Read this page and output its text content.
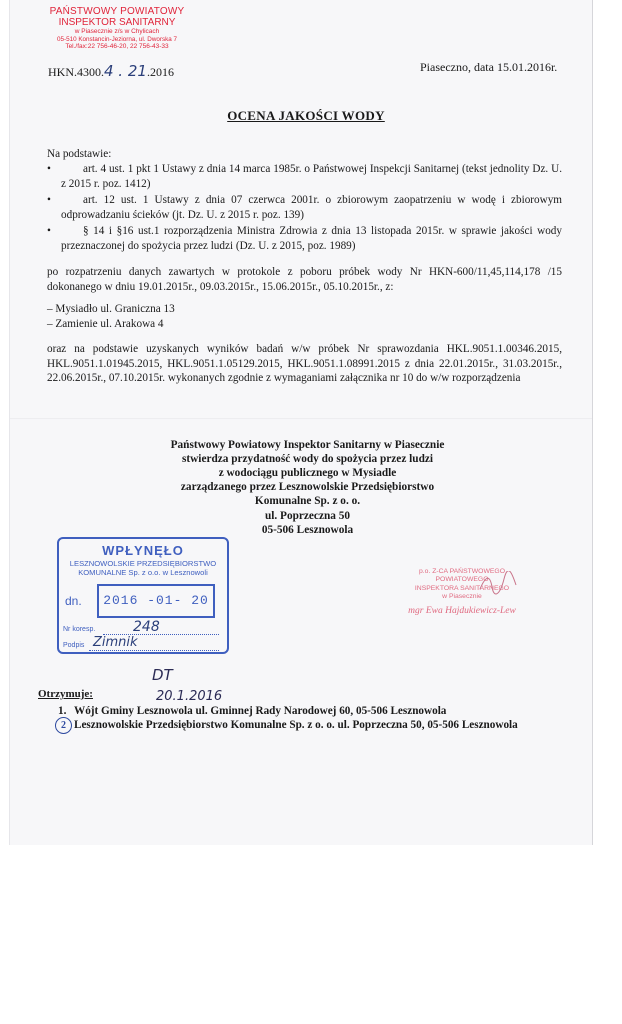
PAŃSTWOWY POWIATOWY
INSPEKTOR SANITARNY
w Piasecznie z/s w Chylicach
05-510 Konstancin-Jeziorna, ul. Dworska 7
Tel./fax:22 756-46-20, 22 756-43-33
HKN.4300.4 . 21.2016	Piaseczno, data 15.01.2016r.
OCENA JAKOŚCI WODY
Na podstawie:
• art. 4 ust. 1 pkt 1 Ustawy z dnia 14 marca 1985r. o Państwowej Inspekcji Sanitarnej (tekst jednolity Dz. U. z 2015 r. poz. 1412)
• art. 12 ust. 1 Ustawy z dnia 07 czerwca 2001r. o zbiorowym zaopatrzeniu w wodę i zbiorowym odprowadzaniu ścieków (jt. Dz. U. z 2015 r. poz. 139)
• § 14 i §16 ust.1 rozporządzenia Ministra Zdrowia z dnia 13 listopada 2015r. w sprawie jakości wody przeznaczonej do spożycia przez ludzi (Dz. U. z 2015, poz. 1989)
po rozpatrzeniu danych zawartych w protokole z poboru próbek wody Nr HKN-600/11,45,114,178 /15 dokonanego w dniu 19.01.2015r., 09.03.2015r., 15.06.2015r., 05.10.2015r., z:
– Mysiadło ul. Graniczna 13
– Zamienie ul. Arakowa 4
oraz na podstawie uzyskanych wyników badań w/w próbek Nr sprawozdania HKL.9051.1.00346.2015, HKL.9051.1.01945.2015, HKL.9051.1.05129.2015, HKL.9051.1.08991.2015 z dnia 22.01.2015r., 31.03.2015r., 22.06.2015r., 07.10.2015r. wykonanych zgodnie z wymaganiami załącznika nr 10 do w/w rozporządzenia
Państwowy Powiatowy Inspektor Sanitarny w Piasecznie
stwierdza przydatność wody do spożycia przez ludzi
z wodociągu publicznego w Mysiadle
zarządzanego przez Lesznowolskie Przedsiębiorstwo
Komunalne Sp. z o. o.
ul. Poprzeczna 50
05-506 Lesznowola
WPŁYNĘŁO
LESZNOWOLSKIE PRZEDSIĘBIORSTWO
KOMUNALNE Sp. z o.o. w Lesznowoli
dn.	2016 -01- 20
Nr koresp.	248
Podpis Zimnik
p.o. Z-CA PAŃSTWOWEGO POWIATOWEGO
INSPEKTORA SANITARNEGO
w Piasecznie
mgr Ewa Hajdukiewicz-Lew
DT
20.1.2016
Otrzymuje:
1. Wójt Gminy Lesznowola ul. Gminnej Rady Narodowej 60, 05-506 Lesznowola
2 Lesznowolskie Przedsiębiorstwo Komunalne Sp. z o. o. ul. Poprzeczna 50, 05-506 Lesznowola
